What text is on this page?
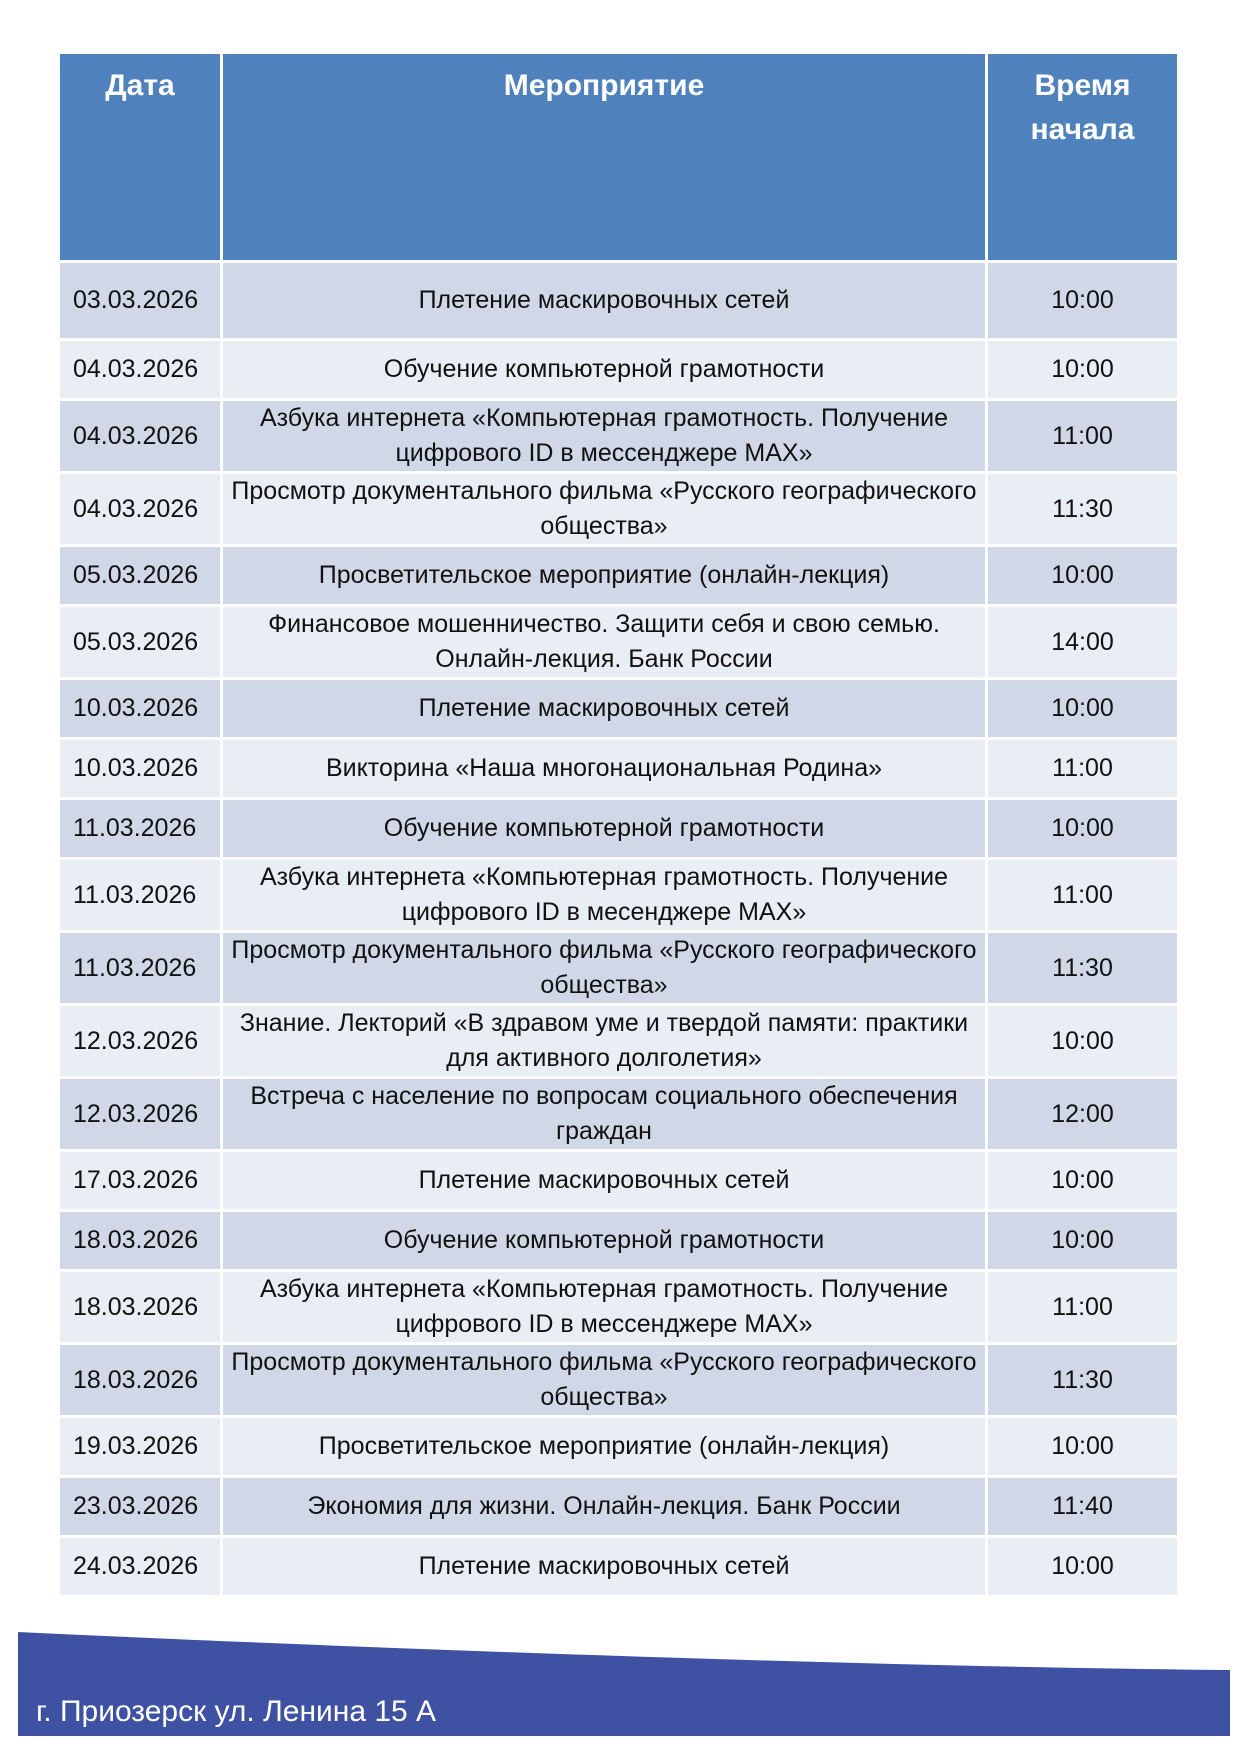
Дата	Мероприятие	Время
начала
03.03.2026	Плетение маскировочных сетей	10:00
04.03.2026	Обучение компьютерной грамотности	10:00
04.03.2026	Азбука интернета «Компьютерная грамотность. Получение цифрового ID в мессенджере MAX»	11:00
04.03.2026	Просмотр документального фильма «Русского географического общества»	11:30
05.03.2026	Просветительское мероприятие (онлайн-лекция)	10:00
05.03.2026	Финансовое мошенничество. Защити себя и свою семью. Онлайн-лекция. Банк России	14:00
10.03.2026	Плетение маскировочных сетей	10:00
10.03.2026	Викторина «Наша многонациональная Родина»	11:00
11.03.2026	Обучение компьютерной грамотности	10:00
11.03.2026	Азбука интернета «Компьютерная грамотность. Получение цифрового ID в месенджере MAX»	11:00
11.03.2026	Просмотр документального фильма «Русского географического общества»	11:30
12.03.2026	Знание. Лекторий «В здравом уме и твердой памяти: практики для активного долголетия»	10:00
12.03.2026	Встреча с население по вопросам социального обеспечения граждан	12:00
17.03.2026	Плетение маскировочных сетей	10:00
18.03.2026	Обучение компьютерной грамотности	10:00
18.03.2026	Азбука интернета «Компьютерная грамотность. Получение цифрового ID в мессенджере MAX»	11:00
18.03.2026	Просмотр документального фильма «Русского географического общества»	11:30
19.03.2026	Просветительское мероприятие (онлайн-лекция)	10:00
23.03.2026	Экономия для жизни. Онлайн-лекция. Банк России	11:40
24.03.2026	Плетение маскировочных сетей	10:00
г. Приозерск ул. Ленина 15 А
